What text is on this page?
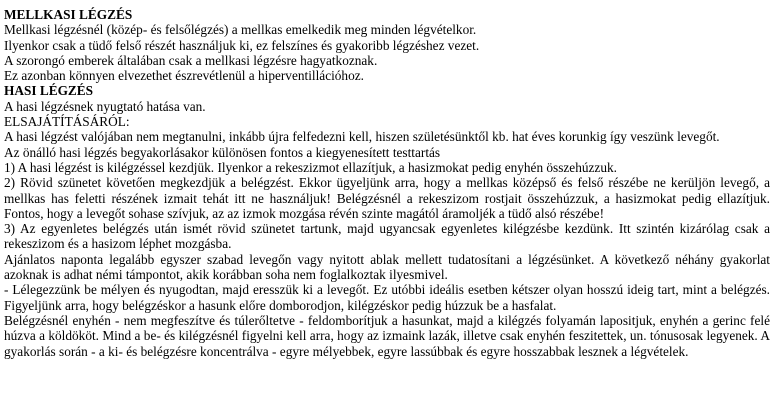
MELLKASI LÉGZÉS

Mellkasi légzésnél (közép- és felsőlégzés) a mellkas emelkedik meg minden légvételkor.

Ilyenkor csak a tüdő felső részét használjuk ki, ez felszínes és gyakoribb légzéshez vezet.

A szorongó emberek általában csak a mellkasi légzésre hagyatkoznak.

Ez azonban könnyen elvezethet észrevétlenül a hiperventillációhoz.

HASI LÉGZÉS

A hasi légzésnek nyugtató hatása van.

ELSAJÁTÍTÁSÁRÓL:

A hasi légzést valójában nem megtanulni, inkább újra felfedezni kell, hiszen születésünktől kb. hat éves korunkig így veszünk levegőt.

Az önálló hasi légzés begyakorlásakor különösen fontos a kiegyenesített testtartás

1) A hasi légzést is kilégzéssel kezdjük. Ilyenkor a rekeszizmot ellazítjuk, a hasizmokat pedig enyhén összehúzzuk.

2) Rövid szünetet követően megkezdjük a belégzést. Ekkor ügyeljünk arra, hogy a mellkas középső és felső részébe ne kerüljön levegő, a mellkas has feletti részének izmait tehát itt ne használjuk! Belégzésnél a rekeszizom rostjait összehúzzuk, a hasizmokat pedig ellazítjuk. Fontos, hogy a levegőt sohase szívjuk, az az izmok mozgása révén szinte magától áramoljék a tüdő alsó részébe!

3) Az egyenletes belégzés után ismét rövid szünetet tartunk, majd ugyancsak egyenletes kilégzésbe kezdünk. Itt szintén kizárólag csak a rekeszizom és a hasizom léphet mozgásba.

Ajánlatos naponta legalább egyszer szabad levegőn vagy nyitott ablak mellett tudatosítani a légzésünket. A következő néhány gyakorlat azoknak is adhat némi támpontot, akik korábban soha nem foglalkoztak ilyesmivel.

- Lélegezzünk be mélyen és nyugodtan, majd eresszük ki a levegőt. Ez utóbbi ideális esetben kétszer olyan hosszú ideig tart, mint a belégzés. Figyeljünk arra, hogy belégzéskor a hasunk előre domborodjon, kilégzéskor pedig húzzuk be a hasfalat.

Belégzésnél enyhén - nem megfeszítve és túlerőltetve - feldomborítjuk a hasunkat, majd a kilégzés folyamán lapositjuk, enyhén a gerinc felé húzva a köldököt. Mind a be- és kilégzésnél figyelni kell arra, hogy az izmaink lazák, illetve csak enyhén feszitettek, un. tónusosak legyenek. A gyakorlás során - a ki- és belégzésre koncentrálva - egyre mélyebbek, egyre lassúbbak és egyre hosszabbak lesznek a légvételek.
